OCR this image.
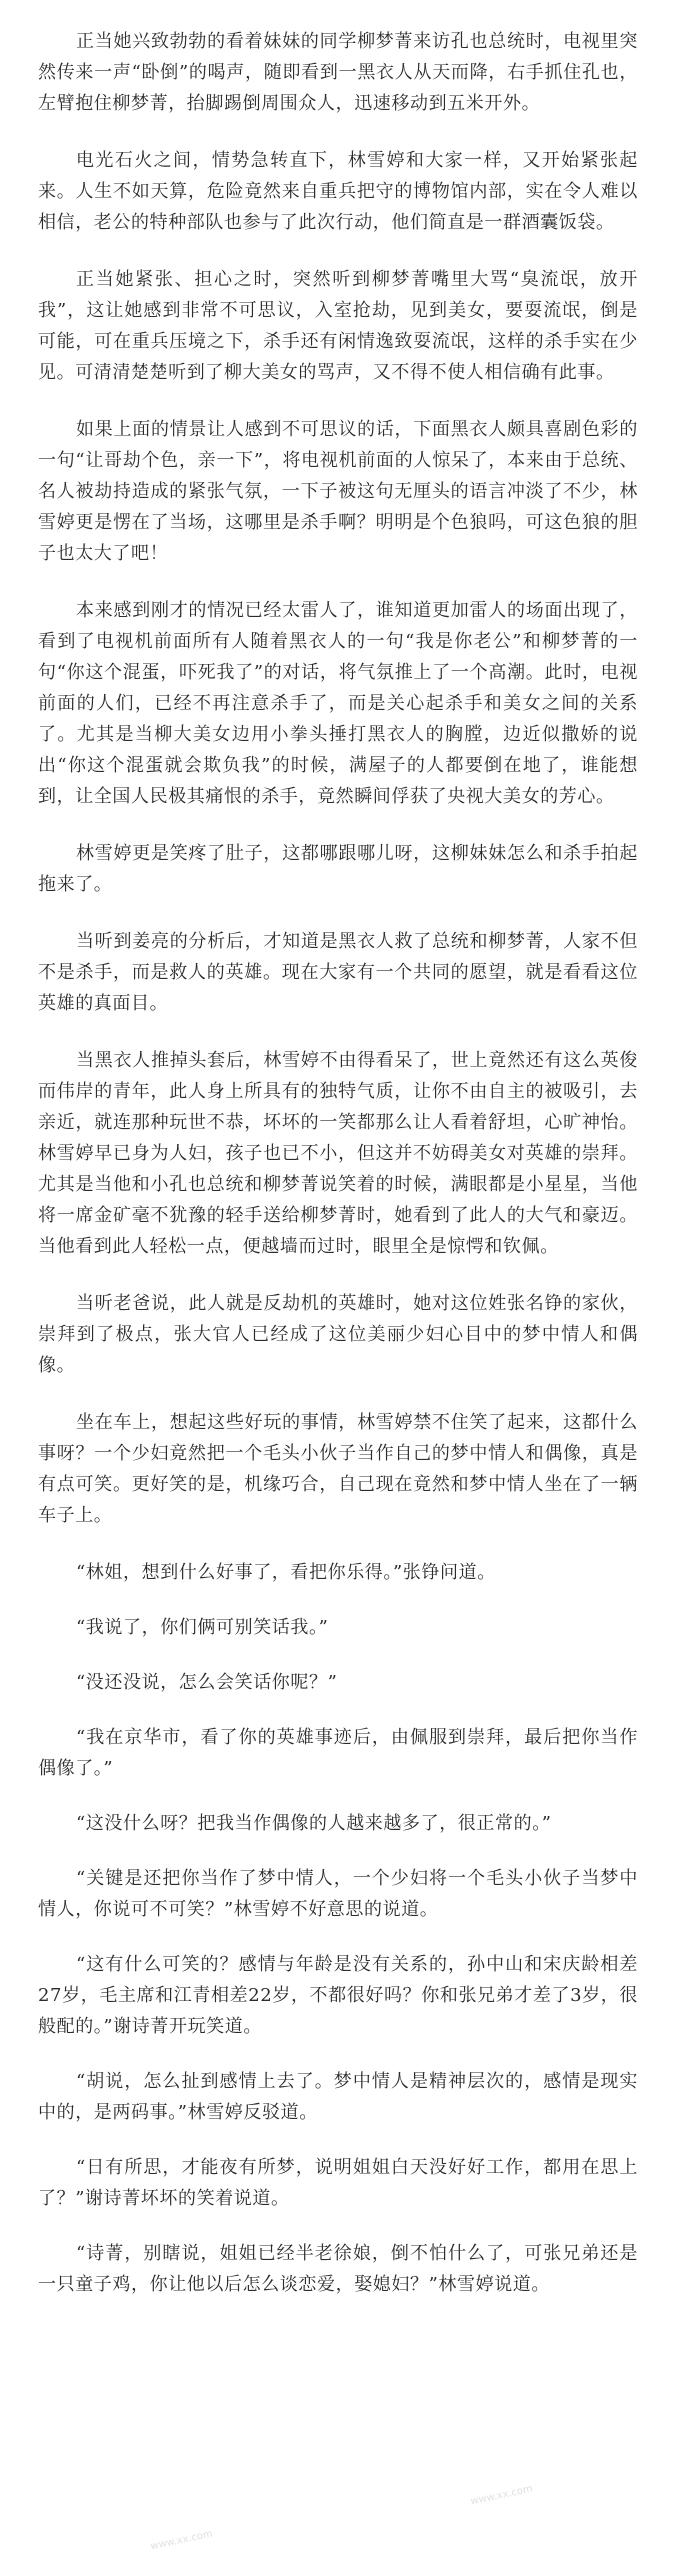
正当她兴致勃勃的看着妹妹的同学柳梦菁来访孔也总统时，电视里突然传来一声“卧倒”的喝声，随即看到一黑衣人从天而降，右手抓住孔也，左臂抱住柳梦菁，抬脚踢倒周围众人，迅速移动到五米开外。

电光石火之间，情势急转直下，林雪婷和大家一样，又开始紧张起来。人生不如天算，危险竟然来自重兵把守的博物馆内部，实在令人难以相信，老公的特种部队也参与了此次行动，他们简直是一群酒囊饭袋。

正当她紧张、担心之时，突然听到柳梦菁嘴里大骂“臭流氓，放开我”，这让她感到非常不可思议，入室抢劫，见到美女，要耍流氓，倒是可能，可在重兵压境之下，杀手还有闲情逸致耍流氓，这样的杀手实在少见。可清清楚楚听到了柳大美女的骂声，又不得不使人相信确有此事。

如果上面的情景让人感到不可思议的话，下面黑衣人颇具喜剧色彩的一句“让哥劫个色，亲一下”，将电视机前面的人惊呆了，本来由于总统、名人被劫持造成的紧张气氛，一下子被这句无厘头的语言冲淡了不少，林雪婷更是愣在了当场，这哪里是杀手啊？明明是个色狼吗，可这色狼的胆子也太大了吧！

本来感到刚才的情况已经太雷人了，谁知道更加雷人的场面出现了，看到了电视机前面所有人随着黑衣人的一句“我是你老公”和柳梦菁的一句“你这个混蛋，吓死我了”的对话，将气氛推上了一个高潮。此时，电视前面的人们，已经不再注意杀手了，而是关心起杀手和美女之间的关系了。尤其是当柳大美女边用小拳头捶打黑衣人的胸膛，边近似撒娇的说出“你这个混蛋就会欺负我”的时候，满屋子的人都要倒在地了，谁能想到，让全国人民极其痛恨的杀手，竟然瞬间俘获了央视大美女的芳心。

林雪婷更是笑疼了肚子，这都哪跟哪儿呀，这柳妹妹怎么和杀手拍起拖来了。

当听到姜亮的分析后，才知道是黑衣人救了总统和柳梦菁，人家不但不是杀手，而是救人的英雄。现在大家有一个共同的愿望，就是看看这位英雄的真面目。

当黑衣人推掉头套后，林雪婷不由得看呆了，世上竟然还有这么英俊而伟岸的青年，此人身上所具有的独特气质，让你不由自主的被吸引，去亲近，就连那种玩世不恭，坏坏的一笑都那么让人看着舒坦，心旷神怡。林雪婷早已身为人妇，孩子也已不小，但这并不妨碍美女对英雄的崇拜。尤其是当他和小孔也总统和柳梦菁说笑着的时候，满眼都是小星星，当他将一席金矿毫不犹豫的轻手送给柳梦菁时，她看到了此人的大气和豪迈。当他看到此人轻松一点，便越墙而过时，眼里全是惊愕和钦佩。

当听老爸说，此人就是反劫机的英雄时，她对这位姓张名铮的家伙，崇拜到了极点，张大官人已经成了这位美丽少妇心目中的梦中情人和偶像。

坐在车上，想起这些好玩的事情，林雪婷禁不住笑了起来，这都什么事呀？一个少妇竟然把一个毛头小伙子当作自己的梦中情人和偶像，真是有点可笑。更好笑的是，机缘巧合，自己现在竟然和梦中情人坐在了一辆车子上。

“林姐，想到什么好事了，看把你乐得。”张铮问道。

“我说了，你们俩可别笑话我。”

“没还没说，怎么会笑话你呢？”

“我在京华市，看了你的英雄事迹后，由佩服到崇拜，最后把你当作偶像了。”

“这没什么呀？把我当作偶像的人越来越多了，很正常的。”

“关键是还把你当作了梦中情人，一个少妇将一个毛头小伙子当梦中情人，你说可不可笑？”林雪婷不好意思的说道。

“这有什么可笑的？感情与年龄是没有关系的，孙中山和宋庆龄相差27岁，毛主席和江青相差22岁，不都很好吗？你和张兄弟才差了3岁，很般配的。”谢诗菁开玩笑道。

“胡说，怎么扯到感情上去了。梦中情人是精神层次的，感情是现实中的，是两码事。”林雪婷反驳道。

“日有所思，才能夜有所梦，说明姐姐白天没好好工作，都用在思上了？”谢诗菁坏坏的笑着说道。

“诗菁，别瞎说，姐姐已经半老徐娘，倒不怕什么了，可张兄弟还是一只童子鸡，你让他以后怎么谈恋爱，娶媳妇？”林雪婷说道。

www.xx.com
www.xx.com
